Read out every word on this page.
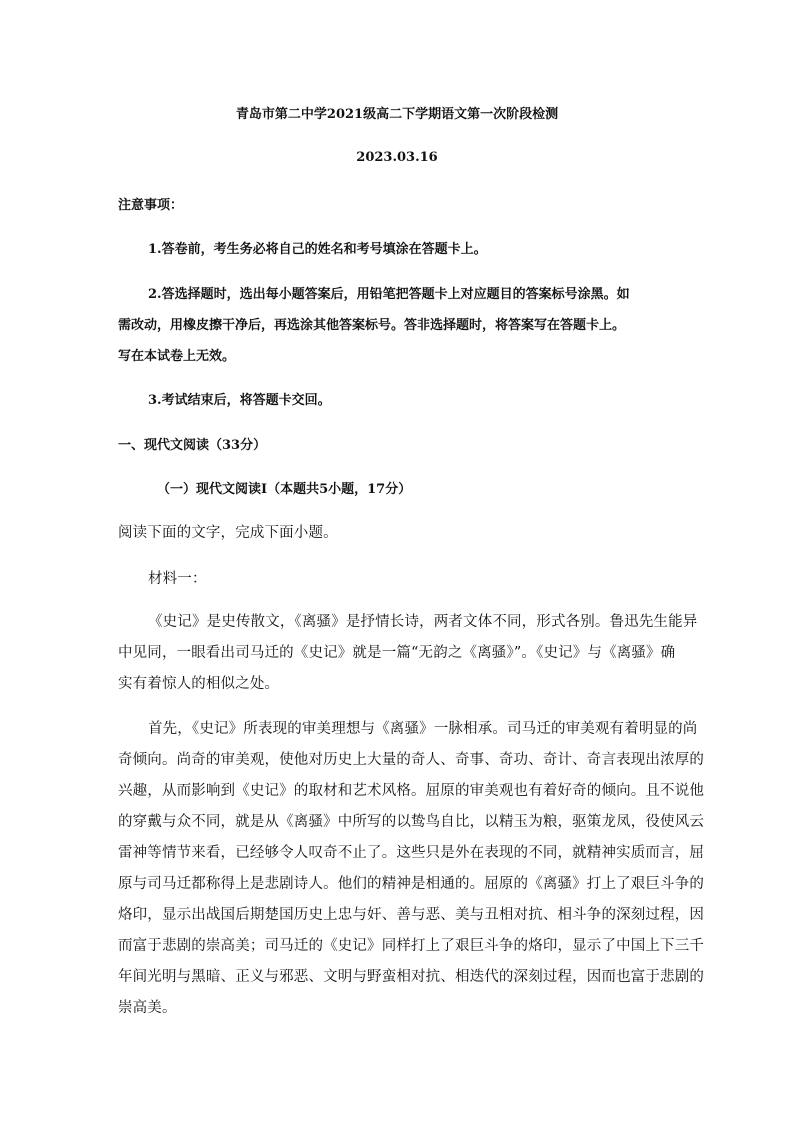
青岛市第二中学2021级高二下学期语文第一次阶段检测
2023.03.16
注意事项：
1.答卷前，考生务必将自己的姓名和考号填涂在答题卡上。
2.答选择题时，选出每小题答案后，用铅笔把答题卡上对应题目的答案标号涂黑。如
需改动，用橡皮擦干净后，再选涂其他答案标号。答非选择题时，将答案写在答题卡上。
写在本试卷上无效。
3.考试结束后，将答题卡交回。
一、现代文阅读（33分）
（一）现代文阅读Ⅰ（本题共5小题，17分）
阅读下面的文字，完成下面小题。
材料一：
《史记》是史传散文，《离骚》是抒情长诗，两者文体不同，形式各别。鲁迅先生能异
中见同，一眼看出司马迁的《史记》就是一篇“无韵之《离骚》”。《史记》与《离骚》确
实有着惊人的相似之处。
首先，《史记》所表现的审美理想与《离骚》一脉相承。司马迁的审美观有着明显的尚
奇倾向。尚奇的审美观，使他对历史上大量的奇人、奇事、奇功、奇计、奇言表现出浓厚的
兴趣，从而影响到《史记》的取材和艺术风格。屈原的审美观也有着好奇的倾向。且不说他
的穿戴与众不同，就是从《离骚》中所写的以鸷鸟自比，以精玉为粮，驱策龙凤，役使风云
雷神等情节来看，已经够令人叹奇不止了。这些只是外在表现的不同，就精神实质而言，屈
原与司马迁都称得上是悲剧诗人。他们的精神是相通的。屈原的《离骚》打上了艰巨斗争的
烙印，显示出战国后期楚国历史上忠与奸、善与恶、美与丑相对抗、相斗争的深刻过程，因
而富于悲剧的崇高美；司马迁的《史记》同样打上了艰巨斗争的烙印，显示了中国上下三千
年间光明与黑暗、正义与邪恶、文明与野蛮相对抗、相迭代的深刻过程，因而也富于悲剧的
崇高美。
